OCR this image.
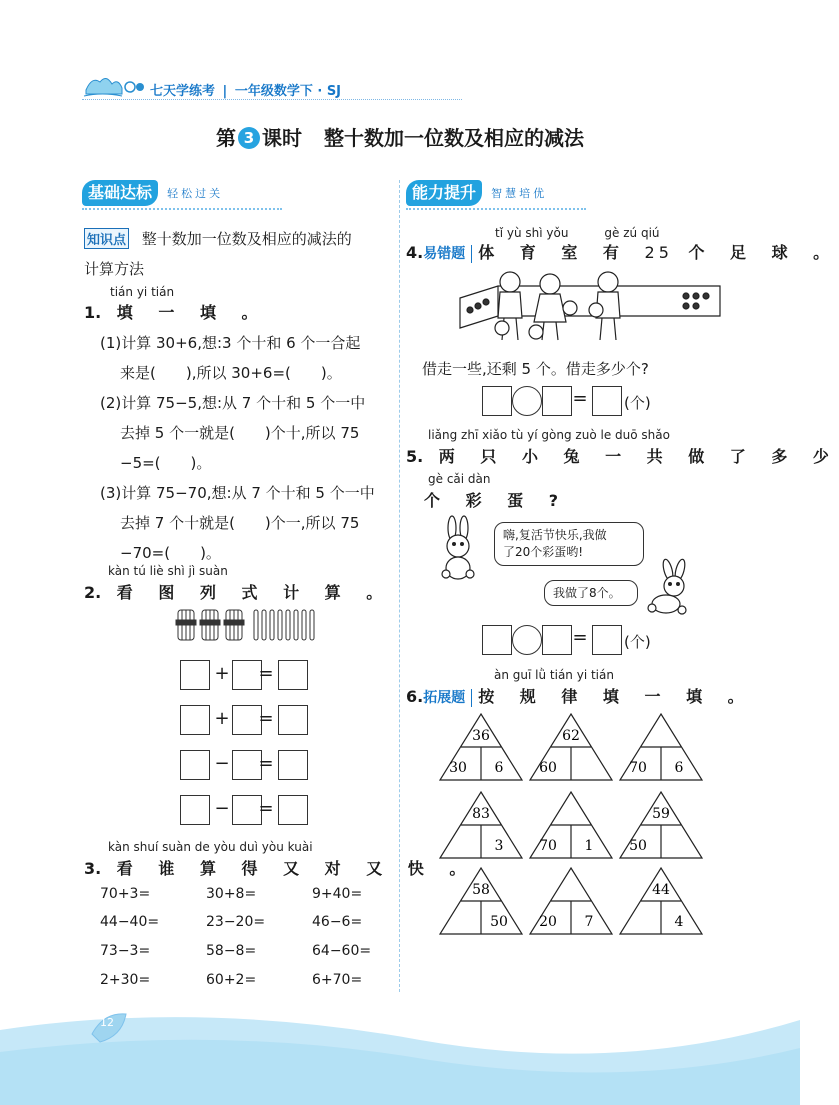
七天学练考 | 一年级数学下 · SJ
第 3 课时 整十数加一位数及相应的减法
基础达标 轻松过关
知识点 整十数加一位数及相应的减法的
计算方法
tián yi tián
1. 填 一 填 。
(1)计算 30+6,想:3 个十和 6 个一合起
来是(　　),所以 30+6=(　　)。
(2)计算 75−5,想:从 7 个十和 5 个一中
去掉 5 个一就是(　　)个十,所以 75
−5=(　　)。
(3)计算 75−70,想:从 7 个十和 5 个一中
去掉 7 个十就是(　　)个一,所以 75
−70=(　　)。
kàn tú liè shì jì suàn
2. 看 图 列 式 计 算 。
+ =
+ =
− =
− =
kàn shuí suàn de yòu duì yòu kuài
3. 看 谁 算 得 又 对 又 快 。
70+3=	30+8=	9+40=
44−40=	23−20=	46−6=
73−3=	58−8=	64−60=
2+30=	60+2=	6+70=
能力提升 智慧培优
tǐ yù shì yǒu　　　gè zú qiú
4.易错题 体 育 室 有 25 个 足 球 。
借走一些,还剩 5 个。借走多少个?
= (个)
liǎng zhī xiǎo tù yí gòng zuò le duō shǎo
5. 两 只 小 兔 一 共 做 了 多 少
gè cǎi dàn
个 彩 蛋 ?
嗨,复活节快乐,我做
了20个彩蛋哟!
我做了8个。
= (个)
àn guī lǜ tián yi tián
6.拓展题 按 规 律 填 一 填 。
36
30 6
62
60	70 6
83
3	70 1
59
50
58
50 20 7
44
4
12
